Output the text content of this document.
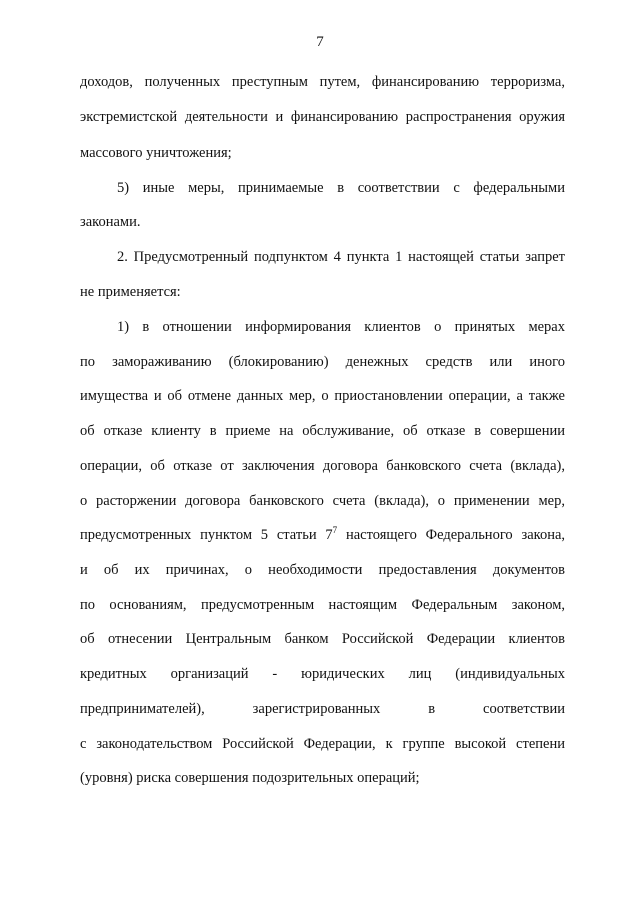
7
доходов, полученных преступным путем, финансированию терроризма,
экстремистской деятельности и финансированию распространения оружия
массового уничтожения;
5) иные меры, принимаемые в соответствии с федеральными
законами.
2. Предусмотренный подпунктом 4 пункта 1 настоящей статьи запрет
не применяется:
1) в отношении информирования клиентов о принятых мерах
по замораживанию (блокированию) денежных средств или иного
имущества и об отмене данных мер, о приостановлении операции, а также
об отказе клиенту в приеме на обслуживание, об отказе в совершении
операции, об отказе от заключения договора банковского счета (вклада),
о расторжении договора банковского счета (вклада), о применении мер,
предусмотренных пунктом 5 статьи $7^7$ настоящего Федерального закона,
и об их причинах, о необходимости предоставления документов
по основаниям, предусмотренным настоящим Федеральным законом,
об отнесении Центральным банком Российской Федерации клиентов
кредитных организаций - юридических лиц (индивидуальных
предпринимателей), зарегистрированных в соответствии
с законодательством Российской Федерации, к группе высокой степени
(уровня) риска совершения подозрительных операций;
